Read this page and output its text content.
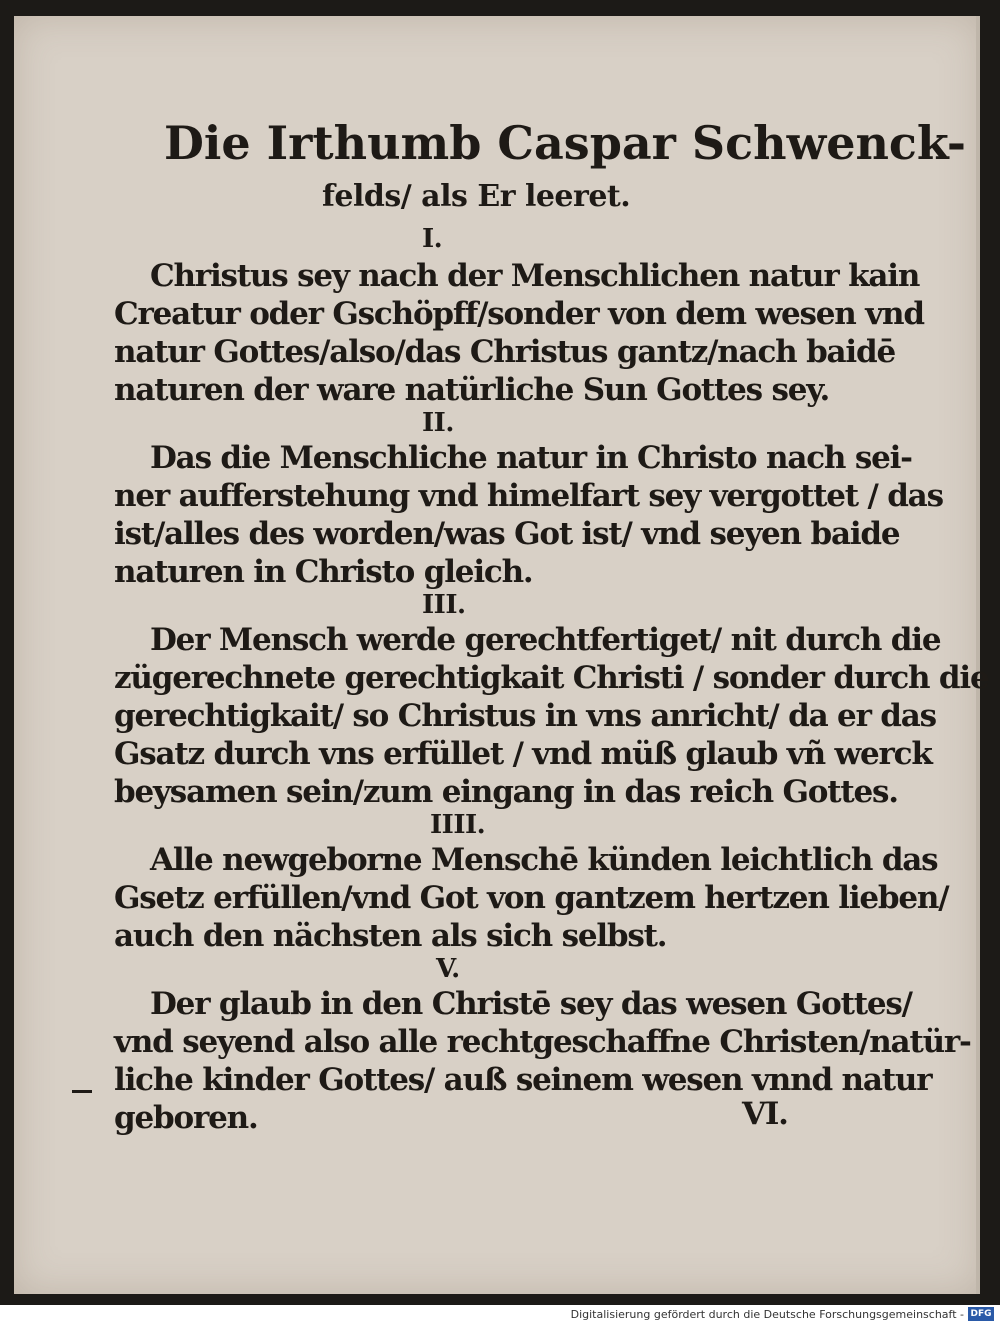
Die Irthumb Caspar Schwenck-
felds/ als Er leeret.
I.
Christus sey nach der Menschlichen natur kain
Creatur oder Gschöpff/sonder von dem wesen vnd
natur Gottes/also/das Christus gantz/nach baidē
naturen der ware natürliche Sun Gottes sey.
II.
Das die Menschliche natur in Christo nach sei-
ner aufferstehung vnd himelfart sey vergottet / das
ist/alles des worden/was Got ist/ vnd seyen baide
naturen in Christo gleich.
III.
Der Mensch werde gerechtfertiget/ nit durch die
zügerechnete gerechtigkait Christi / sonder durch die
gerechtigkait/ so Christus in vns anricht/ da er das
Gsatz durch vns erfüllet / vnd müß glaub vñ werck
beysamen sein/zum eingang in das reich Gottes.
IIII.
Alle newgeborne Menschē künden leichtlich das
Gsetz erfüllen/vnd Got von gantzem hertzen lieben/
auch den nächsten als sich selbst.
V.
Der glaub in den Christē sey das wesen Gottes/
vnd seyend also alle rechtgeschaffne Christen/natür-
liche kinder Gottes/ auß seinem wesen vnnd natur
geboren.	VI.
Digitalisierung gefördert durch die Deutsche Forschungsgemeinschaft - DFG
